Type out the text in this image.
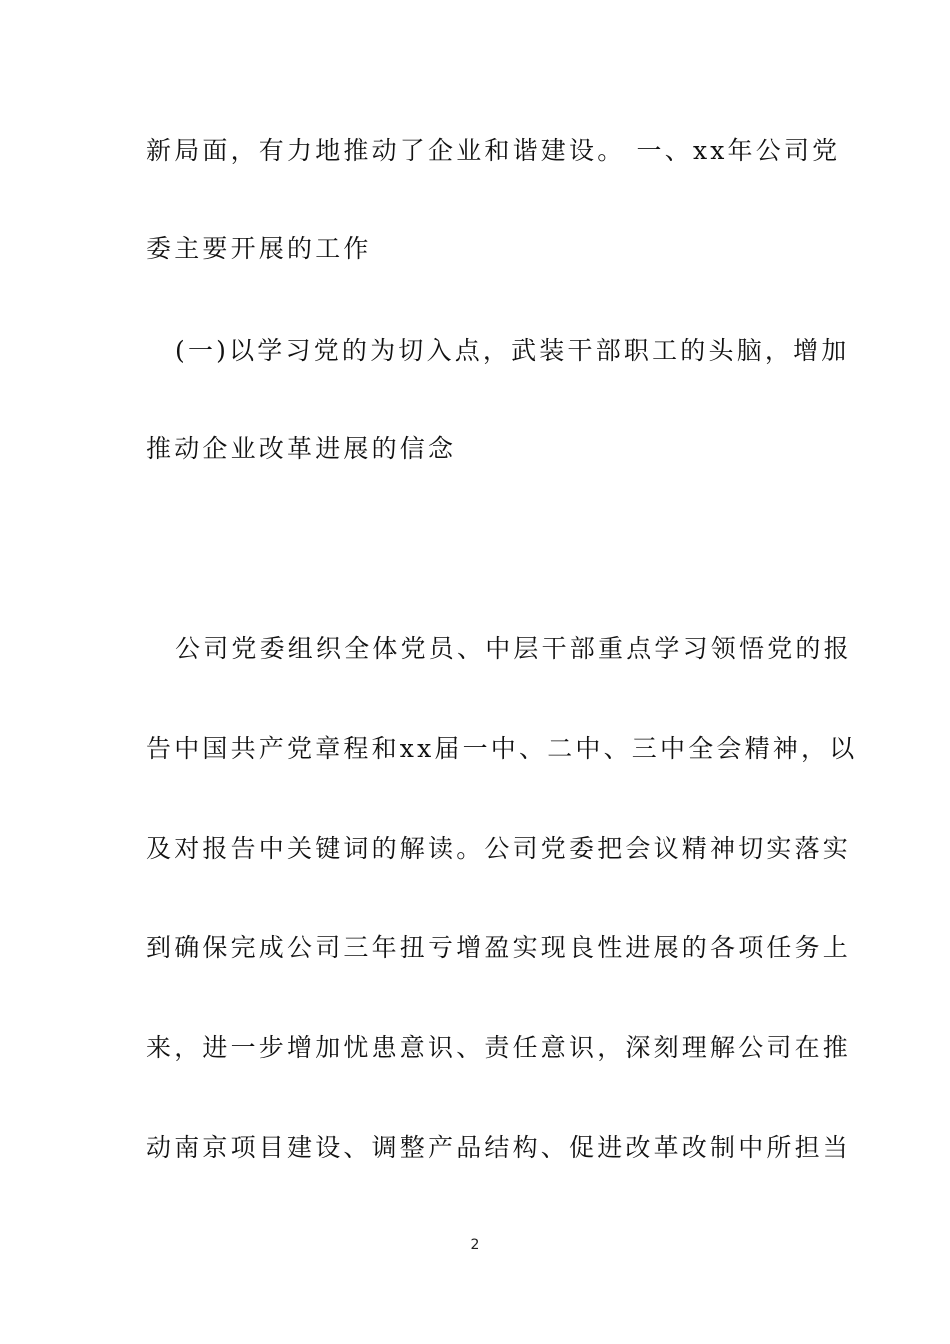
新局面，有力地推动了企业和谐建设。 一、xx年公司党
委主要开展的工作
(一)以学习党的为切入点，武装干部职工的头脑，增加
推动企业改革进展的信念
公司党委组织全体党员、中层干部重点学习领悟党的报
告中国共产党章程和xx届一中、二中、三中全会精神，以
及对报告中关键词的解读。公司党委把会议精神切实落实
到确保完成公司三年扭亏增盈实现良性进展的各项任务上
来，进一步增加忧患意识、责任意识，深刻理解公司在推
动南京项目建设、调整产品结构、促进改革改制中所担当
2
